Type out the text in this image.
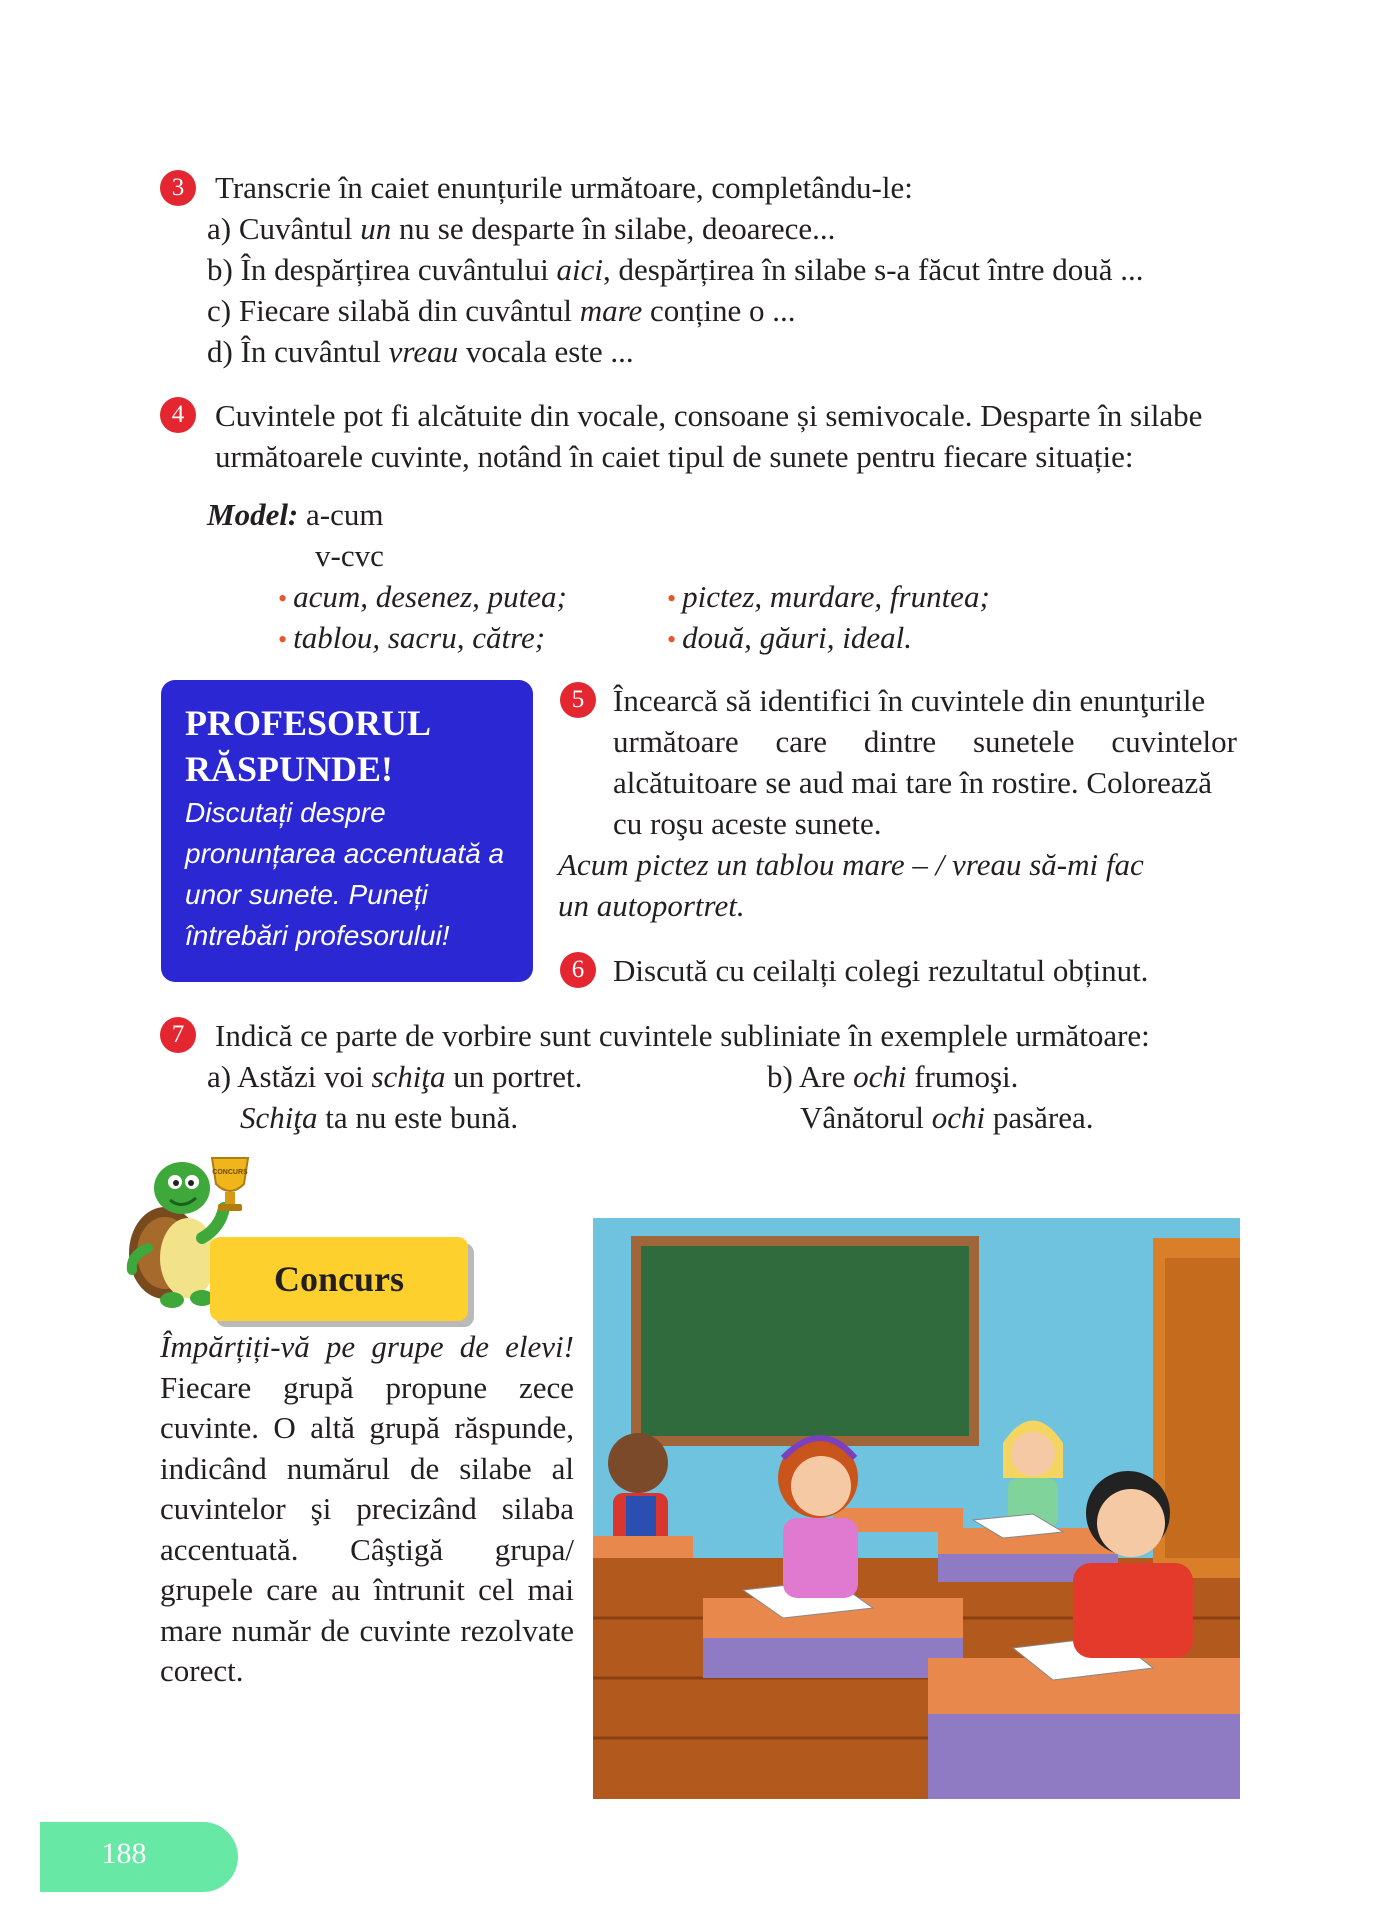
3 Transcrie în caiet enunțurile următoare, completându-le:
a) Cuvântul un nu se desparte în silabe, deoarece...
b) În despărțirea cuvântului aici, despărțirea în silabe s-a făcut între două ...
c) Fiecare silabă din cuvântul mare conține o ...
d) În cuvântul vreau vocala este ...
4 Cuvintele pot fi alcătuite din vocale, consoane și semivocale. Desparte în silabe
următoarele cuvinte, notând în caiet tipul de sunete pentru fiecare situație:
Model: a-cum
v-cvc
• acum, desenez, putea;	• pictez, murdare, fruntea;
• tablou, sacru, către;	• două, găuri, ideal.
PROFESORUL
RĂSPUNDE!
Discutați despre pronunțarea accentuată a unor sunete. Puneți întrebări profesorului!
5 Încearcă să identifici în cuvintele din enunţurile
următoare care dintre sunetele cuvintelor
alcătuitoare se aud mai tare în rostire. Colorează
cu roşu aceste sunete.
Acum pictez un tablou mare – / vreau să-mi fac
un autoportret.
6 Discută cu ceilalți colegi rezultatul obținut.
7 Indică ce parte de vorbire sunt cuvintele subliniate în exemplele următoare:
a) Astăzi voi schiţa un portret.
Schiţa ta nu este bună.
b) Are ochi frumoşi.
Vânătorul ochi pasărea.
CONCURS
Concurs
Împărțiți-vă pe grupe de elevi! Fiecare grupă propune zece cuvinte. O altă grupă răspunde, indicând numărul de silabe al cuvintelor şi precizând silaba accentuată. Câştigă grupa/ grupele care au întrunit cel mai mare număr de cuvinte rezolvate corect.
188
